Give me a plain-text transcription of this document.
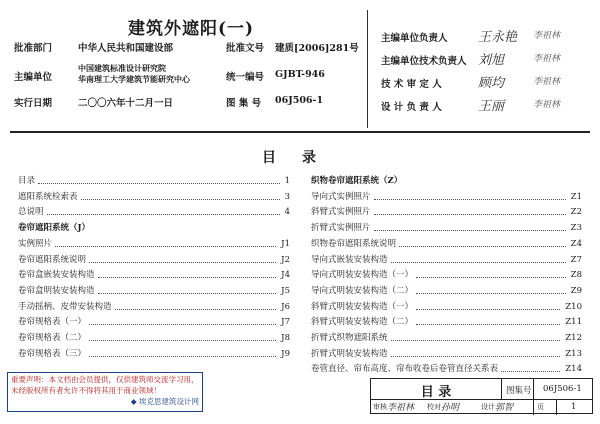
建筑外遮阳(一)
批准部门	中华人民共和国建设部	批准文号 建质[2006]281号
主编单位
中国建筑标准设计研究院
华南理工大学建筑节能研究中心	统一编号 GJBT-946
实行日期	二〇〇六年十二月一日	图 集 号 06J506-1
主编单位负责人 王永艳 李祖林
主编单位技术负责人 刘旭	李祖林
技 术 审 定 人	顾均	李祖林
设 计 负 责 人	王丽	李祖林
目录
目录	1
遮阳系统检索表	3
总说明	4
卷帘遮阳系统（J）
实例照片	J1
卷帘遮阳系统说明	J2
卷帘盒嵌装安装构造	J4
卷帘盒明装安装构造	J5
手动摇柄、皮带安装构造	J6
卷帘规格表（一）	J7
卷帘规格表（二）	J8
卷帘规格表（三）	J9
织物卷帘遮阳系统（Z）
导向式实例照片	Z1
斜臂式实例照片	Z2
折臂式实例照片	Z3
织物卷帘遮阳系统说明	Z4
导向式嵌装安装构造	Z7
导向式明装安装构造（一）	Z8
导向式明装安装构造（二）	Z9
斜臂式明装安装构造（一）	Z10
斜臂式明装安装构造（二）	Z11
折臂式织物遮阳系统	Z12
折臂式明装安装构造	Z13
卷管直径、帘布高度、帘布收卷后卷管直径关系表	Z14
重要声明：本文档由会员提供，仅供建筑师交流学习用，未经版权所有者允许不得将其用于商业领域！
◆ 埃克思建筑设计网
目 录	图集号 06J506-1
审核 李祖林 校对 孙明	设计 郭智	页	1
